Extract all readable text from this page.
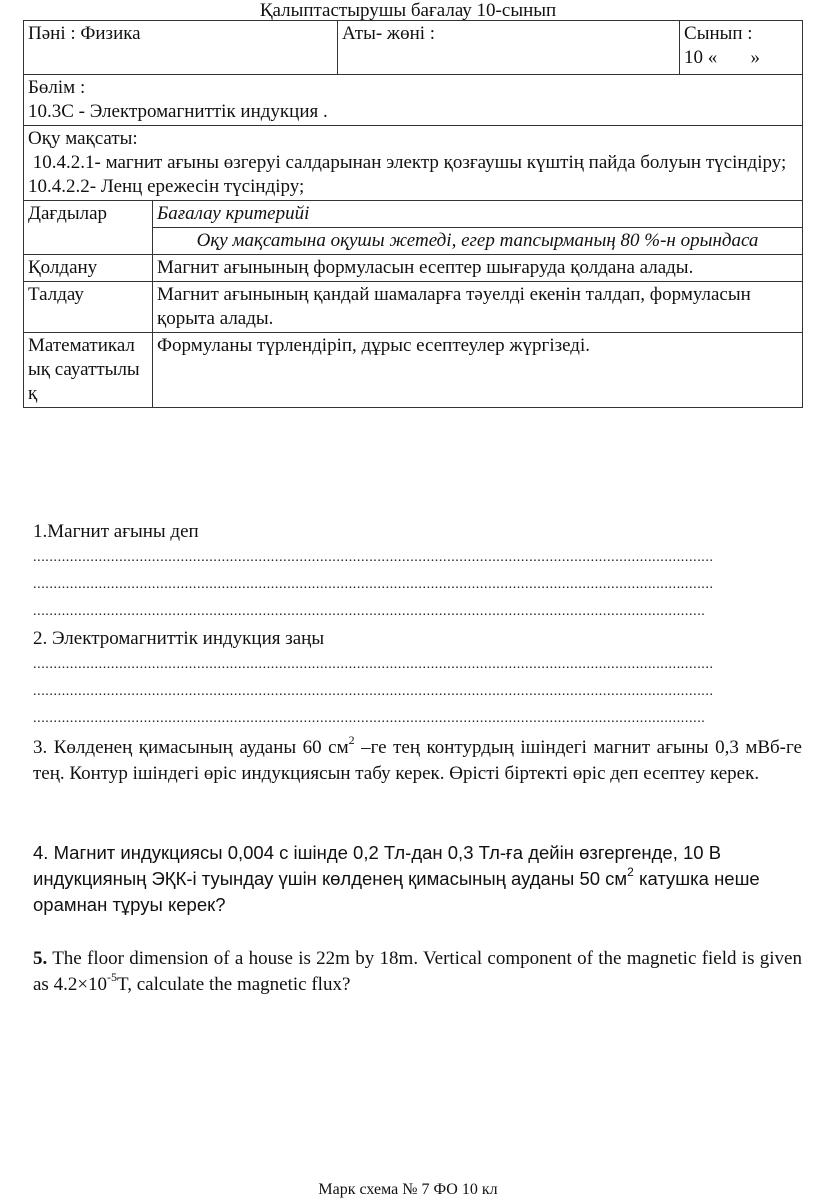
Қалыптастырушы бағалау 10-сынып
Пәні : Физика		Аты- жөні :	Сынып :
10 «       »

Бөлім :
10.3С - Электромагниттік индукция .			

Оқу мақсаты:
10.4.2.1- магнит ағыны өзгеруі салдарынан электр қозғаушы күштің пайда болуын түсіндіру;
10.4.2.2- Ленц ережесін түсіндіру;			

Дағдылар	Бағалау критерийі		
	Оқу мақсатына оқушы жетеді, егер тапсырманың 80 %-н орындаса		
Қолдану	Магнит ағынының формуласын есептер шығаруда қолдана алады.		
Талдау	Магнит ағынының қандай шамаларға тәуелді екенін талдап, формуласын қорыта алады.		
Математикалық сауаттылық	Формуланы түрлендіріп, дұрыс есептеулер жүргізеді.		
1.Магнит ағыны деп
......................................................................................................................................................................
......................................................................................................................................................................
....................................................................................................................................................................
2. Электромагниттік индукция заңы
......................................................................................................................................................................
......................................................................................................................................................................
....................................................................................................................................................................
3. Көлденең қимасының ауданы 60 $см^2$ –ге тең контурдың ішіндегі магнит ағыны 0,3 мВб-ге тең. Контур ішіндегі өріс индукциясын табу керек. Өрісті біртекті өріс деп есептеу керек.
4. Магнит индукциясы 0,004 с ішінде 0,2 Тл-дан 0,3 Тл-ға дейін өзгергенде, 10 В индукцияның ЭҚК-і туындау үшін көлденең қимасының ауданы 50 $см^2$ катушка неше орамнан тұруы керек?
5. The floor dimension of a house is 22m by 18m. Vertical component of the magnetic field is given as $4.2\times 10^{-5}T$, calculate the magnetic flux?
Марк схема № 7 ФО 10 кл
